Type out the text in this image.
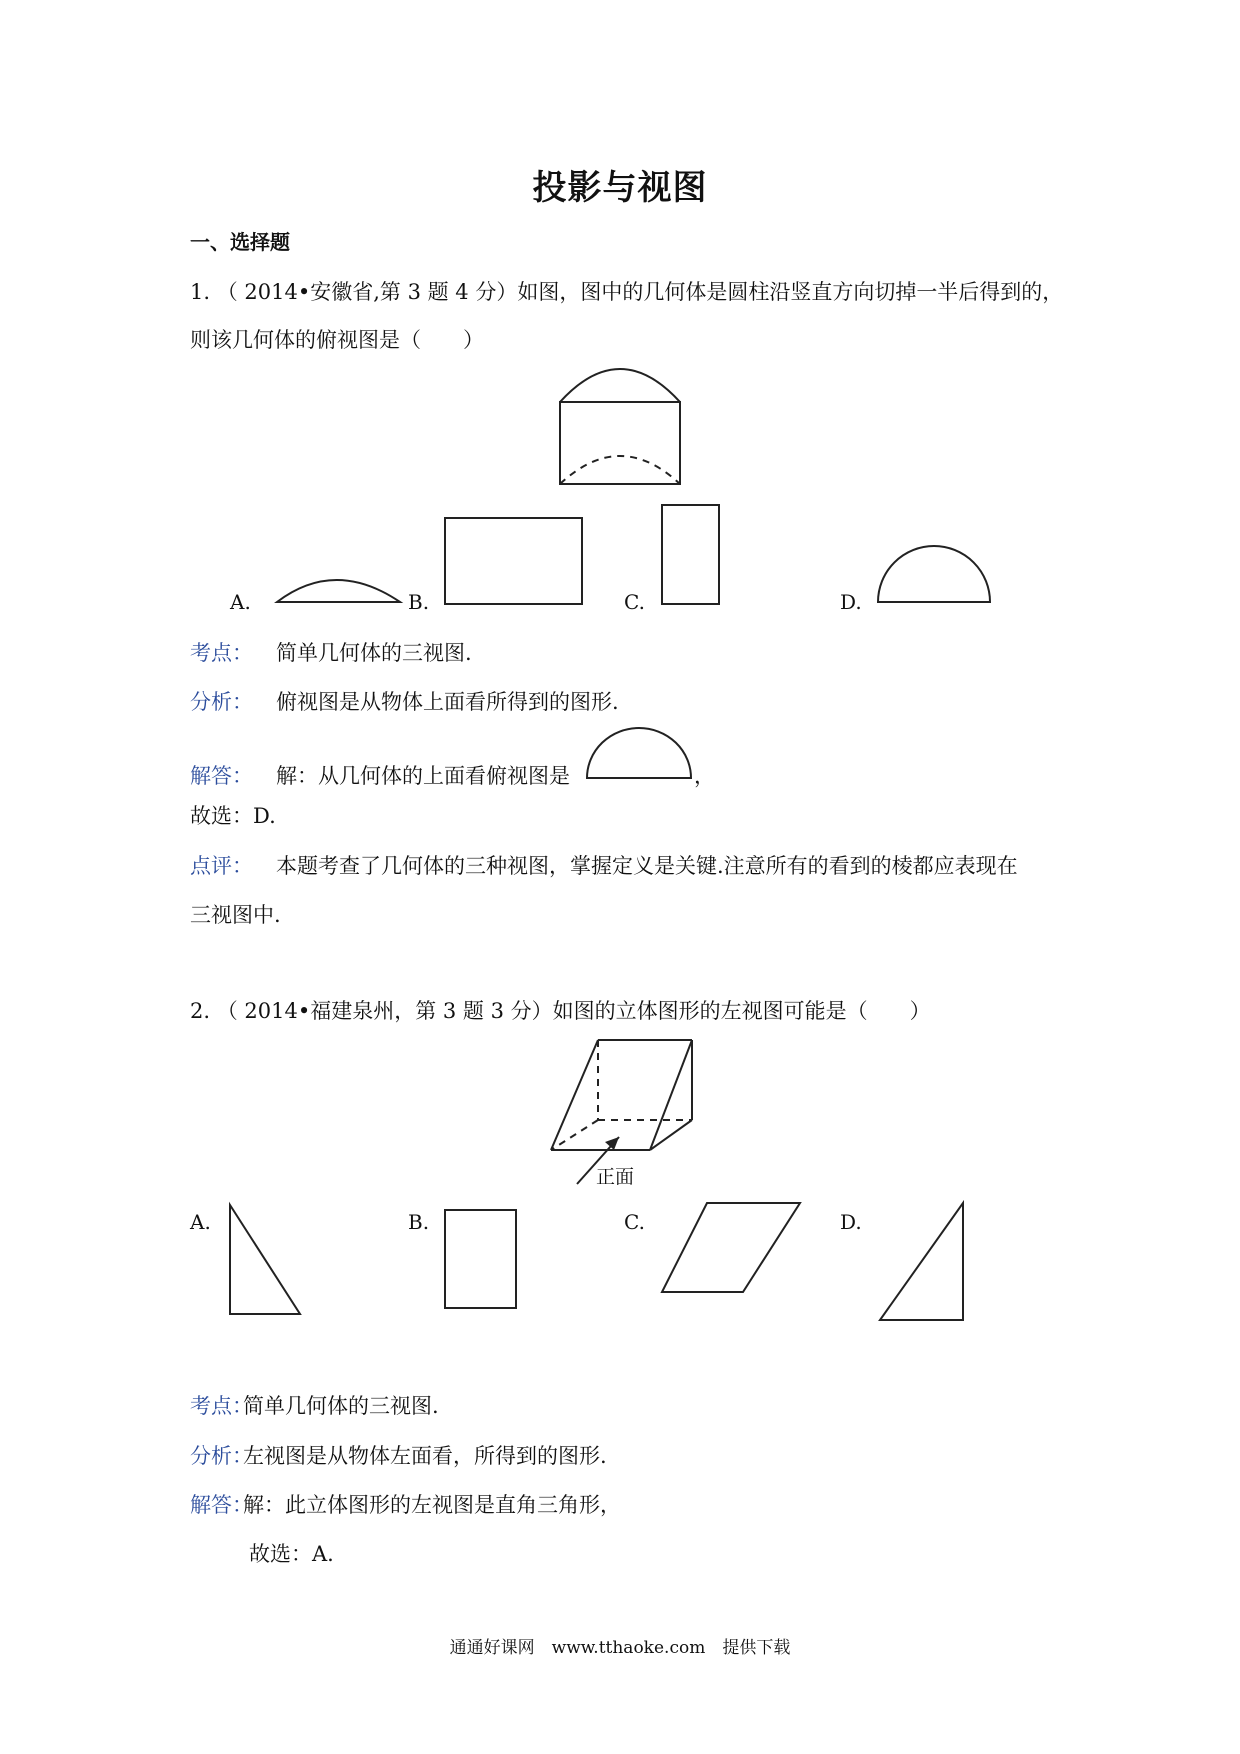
投影与视图
一、选择题
1. （ 2014•安徽省,第 3 题 4 分）如图，图中的几何体是圆柱沿竖直方向切掉一半后得到的，
则该几何体的俯视图是（　　）
A.	B.	C.	D.
考点： 简单几何体的三视图.
分析： 俯视图是从物体上面看所得到的图形.
解答： 解：从几何体的上面看俯视图是	，
故选：D.
点评： 本题考查了几何体的三种视图，掌握定义是关键.注意所有的看到的棱都应表现在
三视图中.
2. （ 2014•福建泉州，第 3 题 3 分）如图的立体图形的左视图可能是（　　）
正面
A.	B.	C.	D.
考点：
简单几何体的三视图.
分析：
左视图是从物体左面看，所得到的图形.
解答：
解：此立体图形的左视图是直角三角形，
故选：A.
通通好课网　www.tthaoke.com　提供下载
